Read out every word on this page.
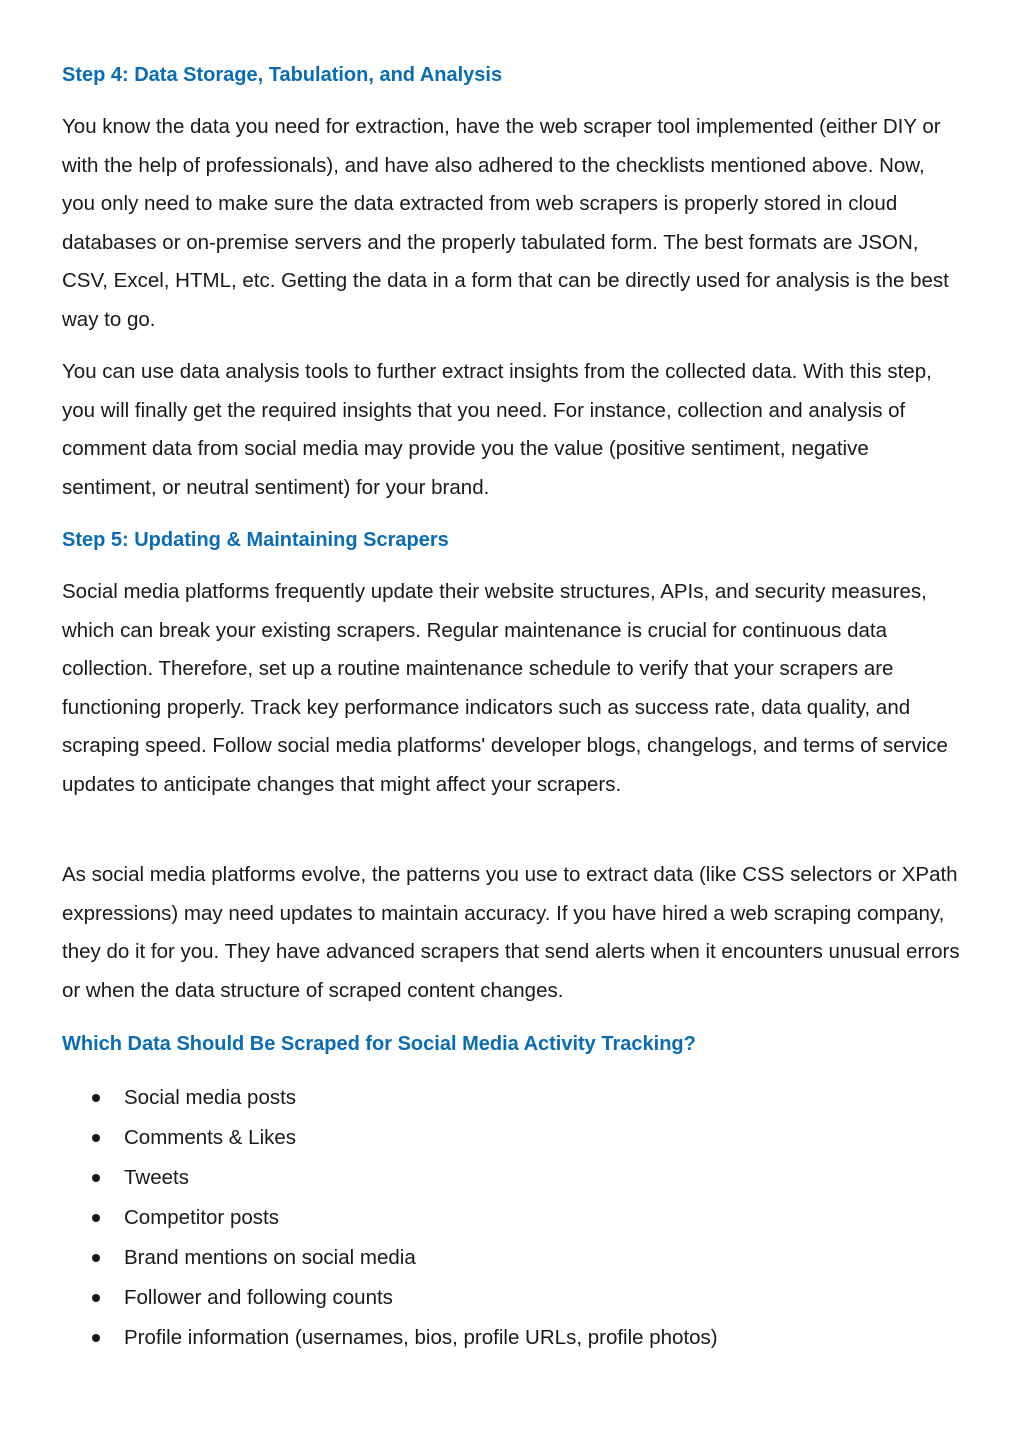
Step 4: Data Storage, Tabulation, and Analysis

You know the data you need for extraction, have the web scraper tool implemented (either DIY or with the help of professionals), and have also adhered to the checklists mentioned above. Now, you only need to make sure the data extracted from web scrapers is properly stored in cloud databases or on-premise servers and the properly tabulated form. The best formats are JSON, CSV, Excel, HTML, etc. Getting the data in a form that can be directly used for analysis is the best way to go.

You can use data analysis tools to further extract insights from the collected data. With this step, you will finally get the required insights that you need. For instance, collection and analysis of comment data from social media may provide you the value (positive sentiment, negative sentiment, or neutral sentiment) for your brand.

Step 5: Updating & Maintaining Scrapers

Social media platforms frequently update their website structures, APIs, and security measures, which can break your existing scrapers. Regular maintenance is crucial for continuous data collection. Therefore, set up a routine maintenance schedule to verify that your scrapers are functioning properly. Track key performance indicators such as success rate, data quality, and scraping speed. Follow social media platforms' developer blogs, changelogs, and terms of service updates to anticipate changes that might affect your scrapers.

As social media platforms evolve, the patterns you use to extract data (like CSS selectors or XPath expressions) may need updates to maintain accuracy. If you have hired a web scraping company, they do it for you. They have advanced scrapers that send alerts when it encounters unusual errors or when the data structure of scraped content changes.

Which Data Should Be Scraped for Social Media Activity Tracking?
Social media posts
Comments & Likes
Tweets
Competitor posts
Brand mentions on social media
Follower and following counts
Profile information (usernames, bios, profile URLs, profile photos)
